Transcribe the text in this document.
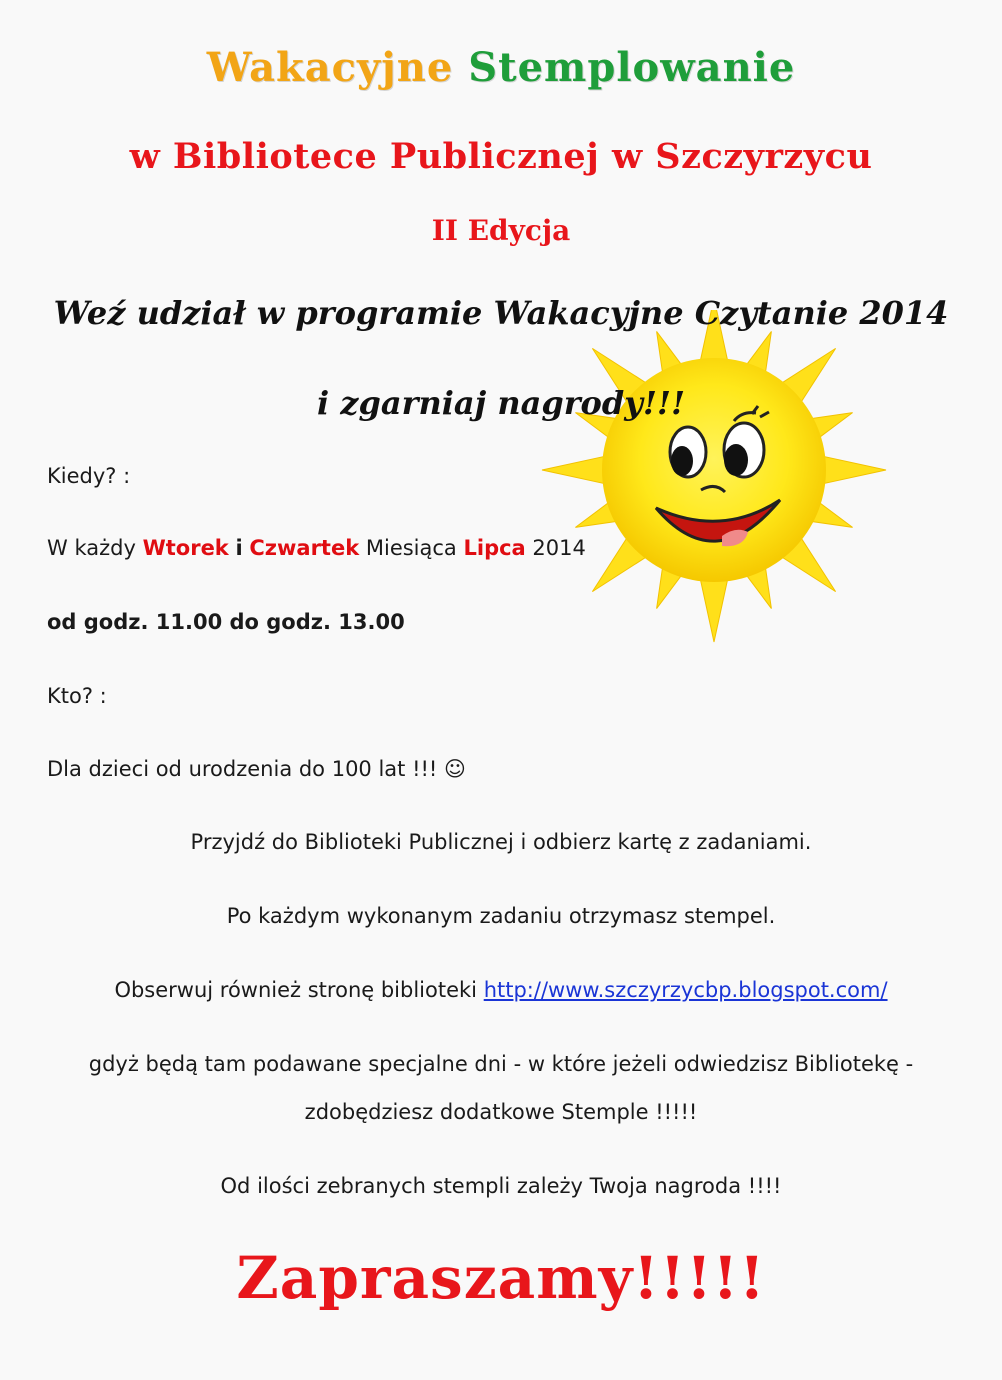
Wakacyjne Stemplowanie
w Bibliotece Publicznej w Szczyrzycu
II Edycja
Weź udział w programie Wakacyjne Czytanie 2014
i zgarniaj nagrody!!!
Kiedy? :
W każdy Wtorek i Czwartek Miesiąca Lipca 2014
od godz. 11.00 do godz. 13.00
Kto? :
Dla dzieci od urodzenia do 100 lat !!! ☺
Przyjdź do Biblioteki Publicznej i odbierz kartę z zadaniami.
Po każdym wykonanym zadaniu otrzymasz stempel.
Obserwuj również stronę biblioteki http://www.szczyrzycbp.blogspot.com/
gdyż będą tam podawane specjalne dni - w które jeżeli odwiedzisz Bibliotekę -
zdobędziesz dodatkowe Stemple !!!!!
Od ilości zebranych stempli zależy Twoja nagroda !!!!
Zapraszamy!!!!!
